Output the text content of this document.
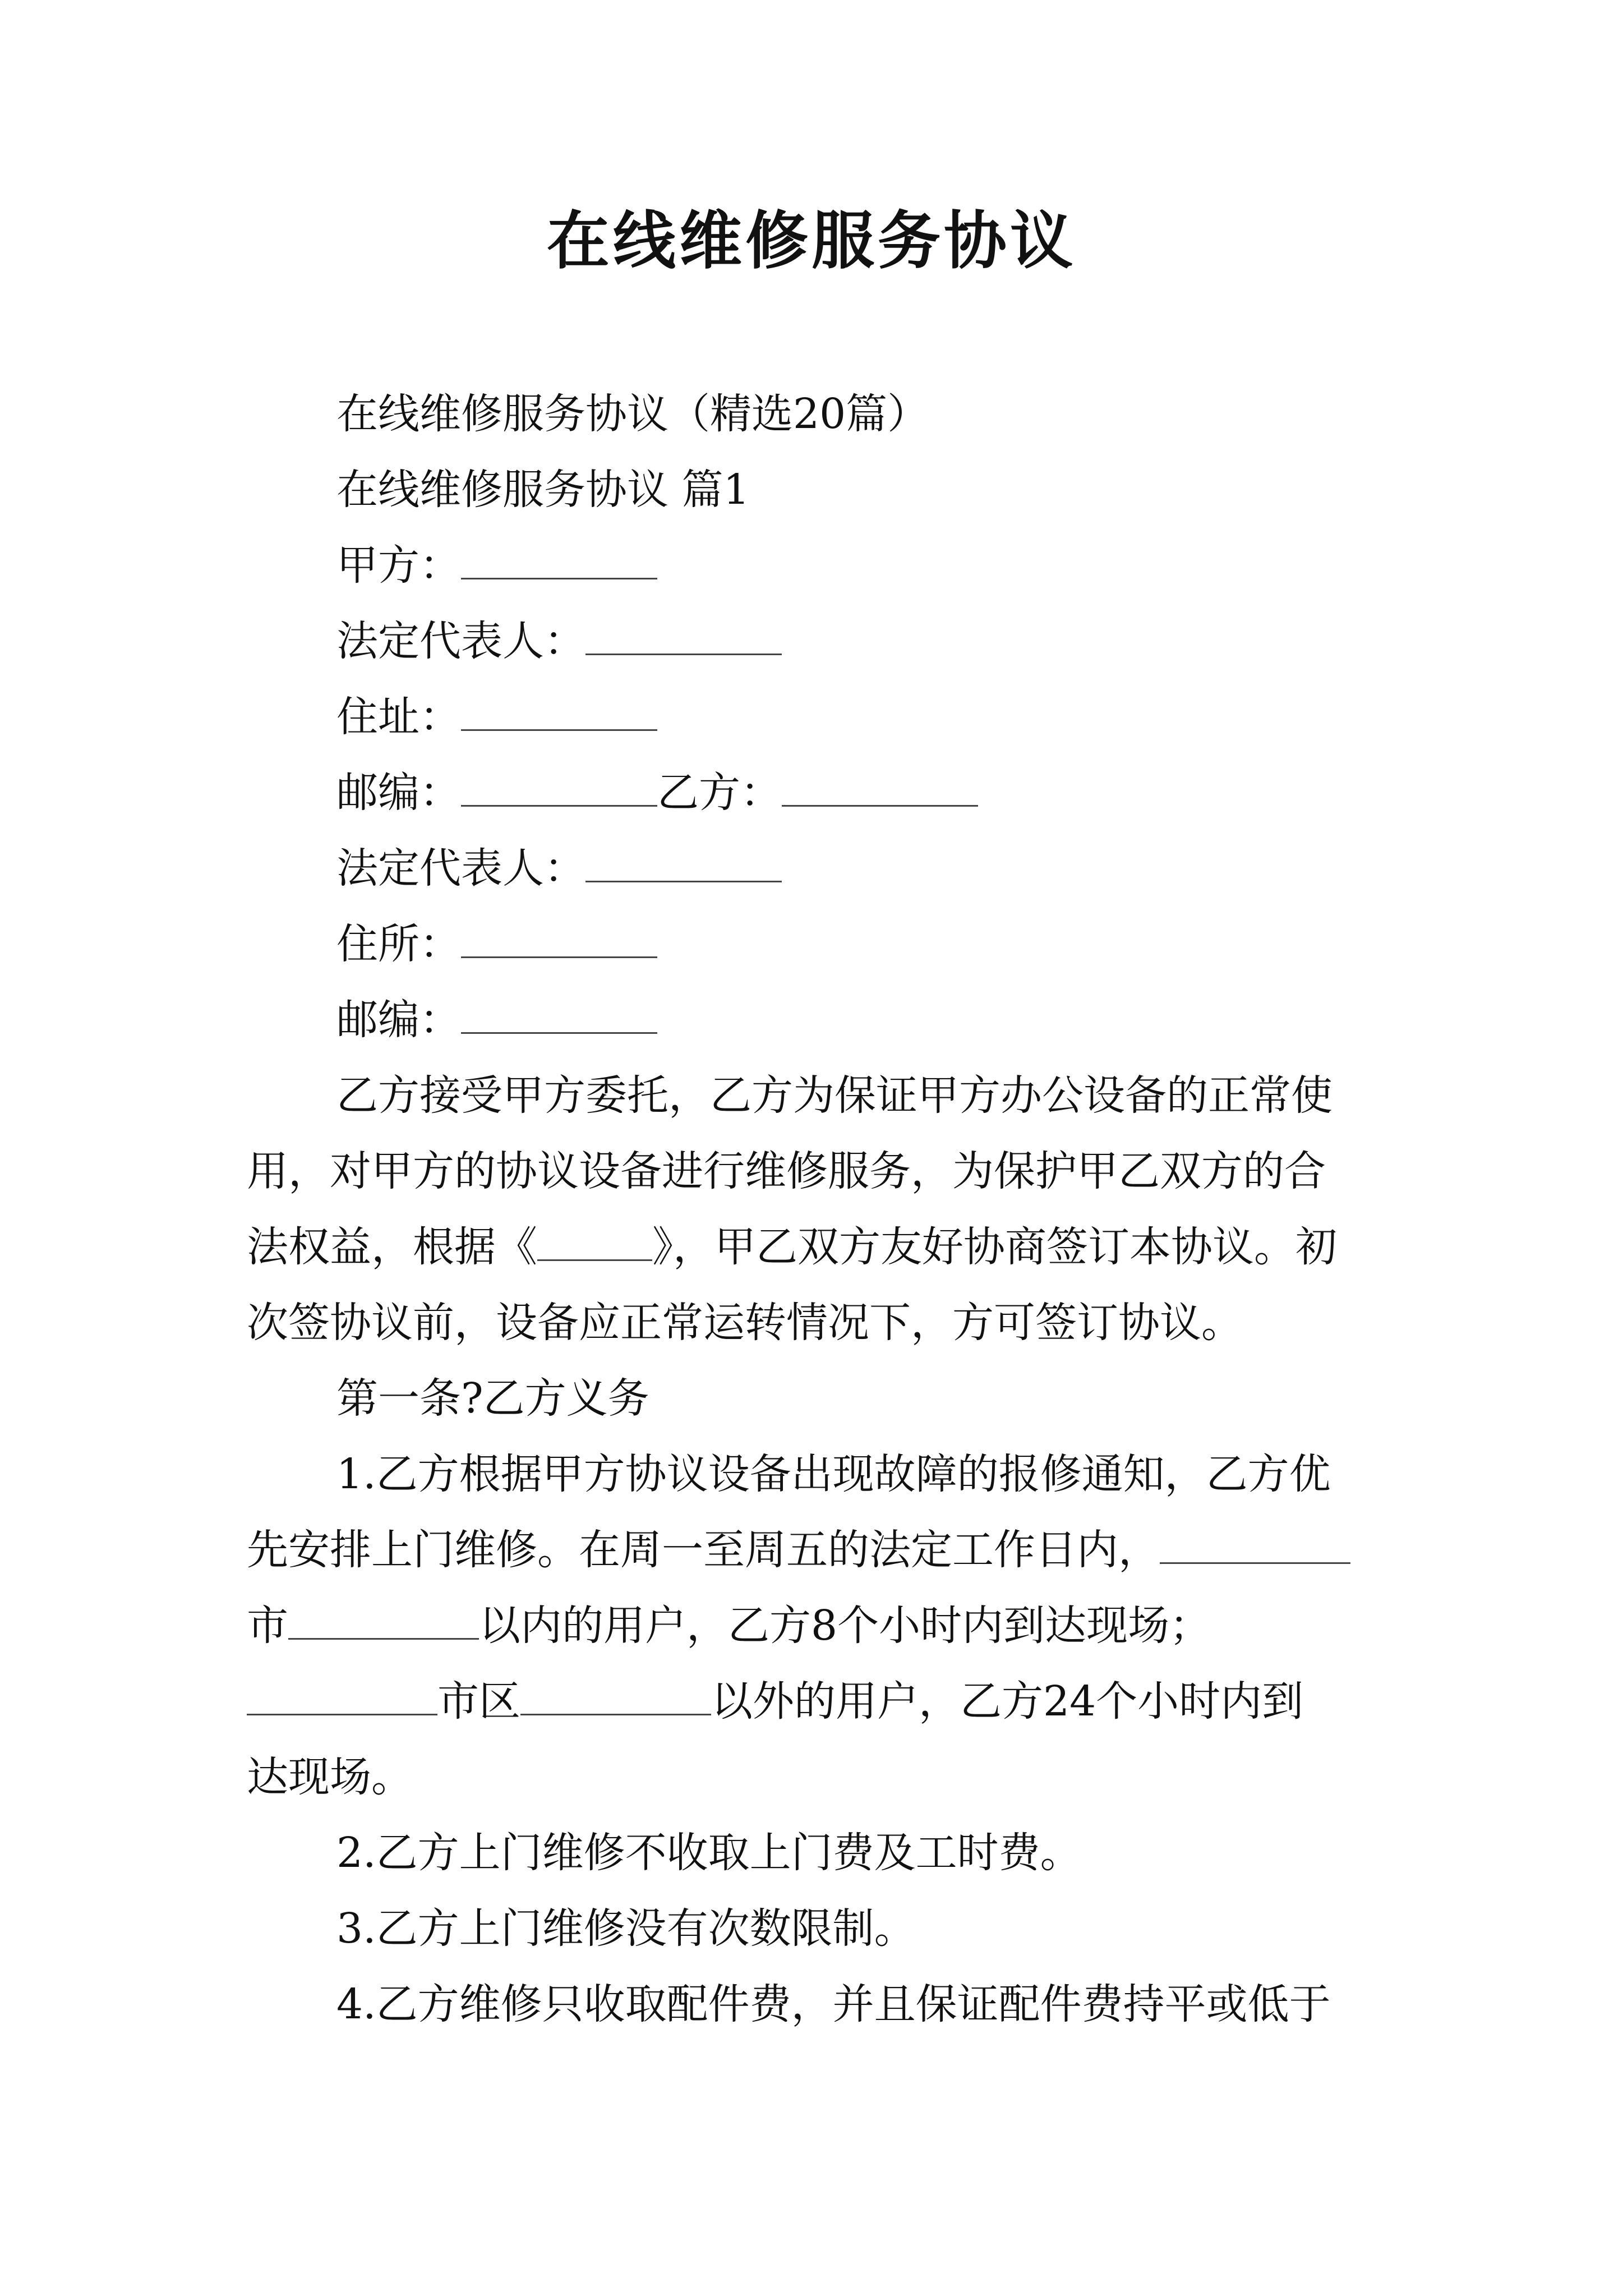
在线维修服务协议
在线维修服务协议（精选20篇）
在线维修服务协议 篇1
甲方：
法定代表人：
住址：
邮编：	乙方：
法定代表人：
住所：
邮编：
乙方接受甲方委托，乙方为保证甲方办公设备的正常使
用，对甲方的协议设备进行维修服务，为保护甲乙双方的合
法权益，根据《	》，甲乙双方友好协商签订本协议。初
次签协议前，设备应正常运转情况下，方可签订协议。
第一条?乙方义务
1.乙方根据甲方协议设备出现故障的报修通知，乙方优
先安排上门维修。在周一至周五的法定工作日内，
市	以内的用户，乙方8个小时内到达现场；
市区	以外的用户，乙方24个小时内到
达现场。
2.乙方上门维修不收取上门费及工时费。
3.乙方上门维修没有次数限制。
4.乙方维修只收取配件费，并且保证配件费持平或低于
